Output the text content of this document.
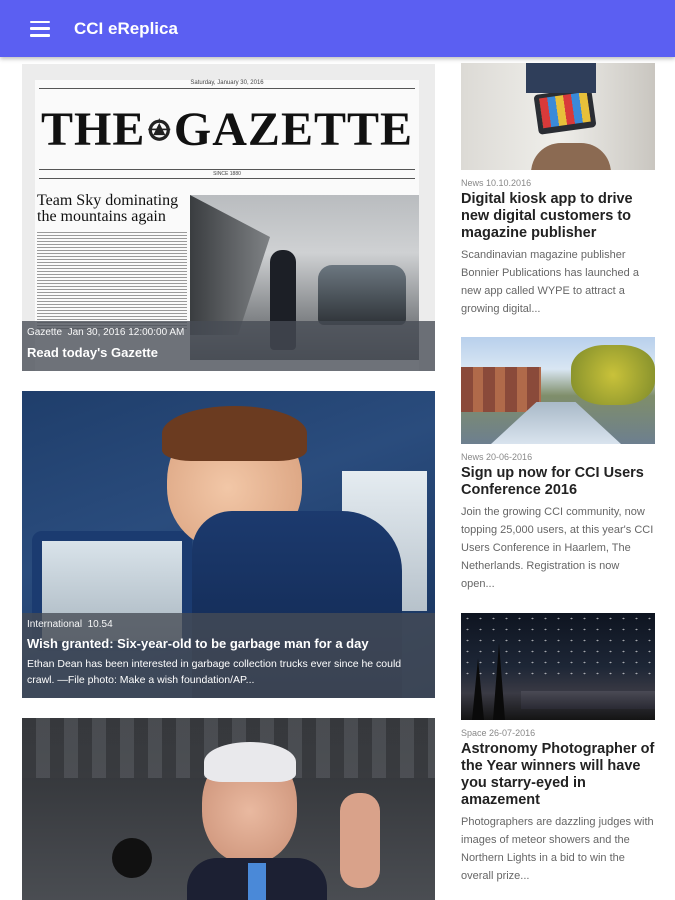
CCI eReplica
Saturday, January 30, 2016
THE GAZETTE
SINCE 1880
Team Sky dominating the mountains again
Gazette Jan 30, 2016 12:00:00 AM
Read today's Gazette
International 10.54
Wish granted: Six-year-old to be garbage man for a day
Ethan Dean has been interested in garbage collection trucks ever since he could crawl. —File photo: Make a wish foundation/AP...
News 10.10.2016
Digital kiosk app to drive new digital customers to magazine publisher
Scandinavian magazine publisher Bonnier Publications has launched a new app called WYPE to attract a growing digital...
News 20-06-2016
Sign up now for CCI Users Conference 2016
Join the growing CCI community, now topping 25,000 users, at this year's CCI Users Conference in Haarlem, The Netherlands. Registration is now open...
Space 26-07-2016
Astronomy Photographer of the Year winners will have you starry-eyed in amazement
Photographers are dazzling judges with images of meteor showers and the Northern Lights in a bid to win the overall prize...
